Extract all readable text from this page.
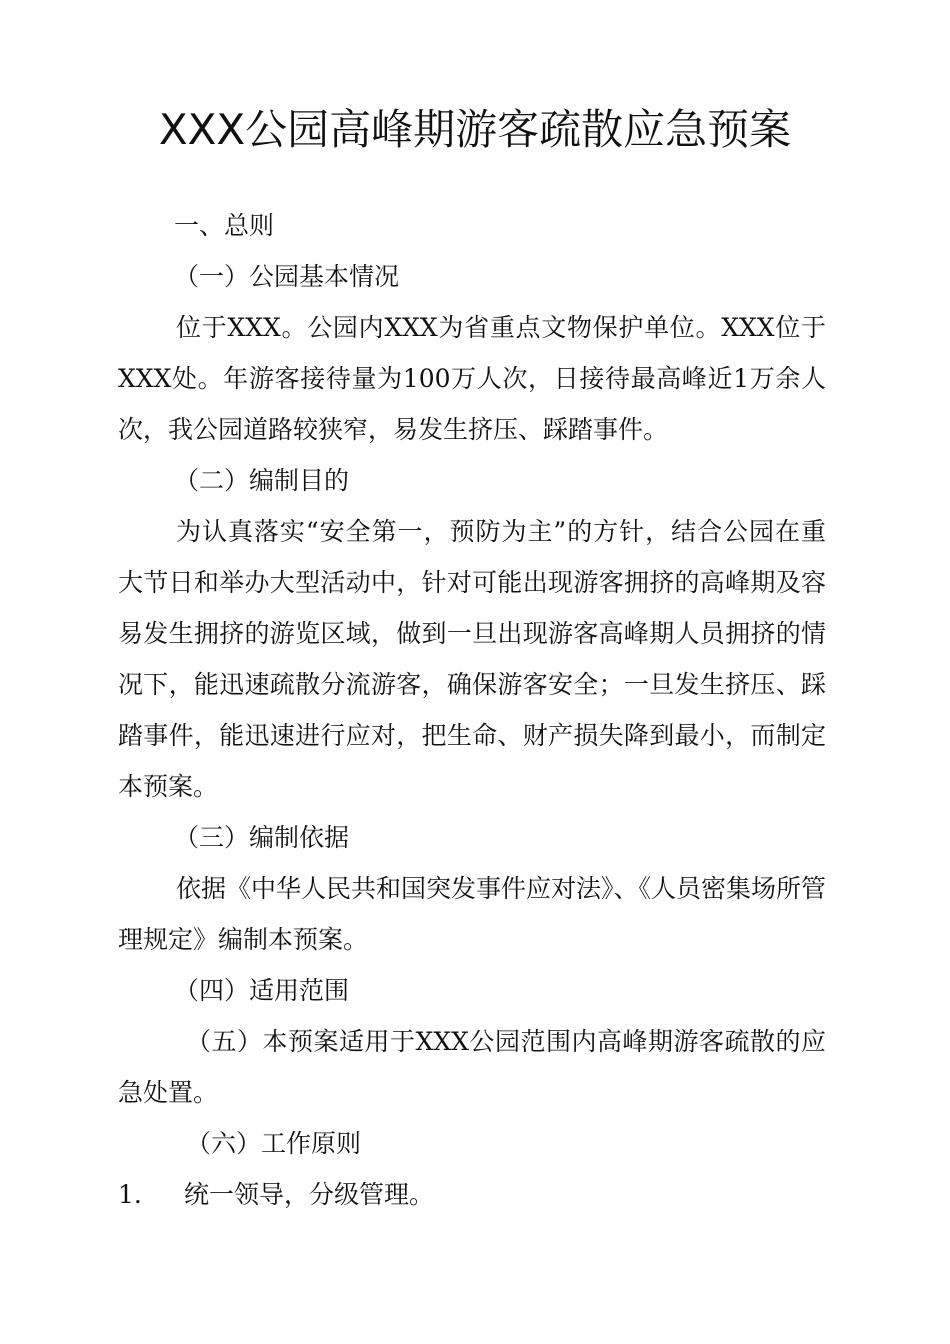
XXX公园高峰期游客疏散应急预案

一、总则

（一）公园基本情况

位于XXX。公园内XXX为省重点文物保护单位。XXX位于XXX处。年游客接待量为100万人次，日接待最高峰近1万余人次，我公园道路较狭窄，易发生挤压、踩踏事件。

（二）编制目的

为认真落实“安全第一，预防为主”的方针，结合公园在重大节日和举办大型活动中，针对可能出现游客拥挤的高峰期及容易发生拥挤的游览区域，做到一旦出现游客高峰期人员拥挤的情况下，能迅速疏散分流游客，确保游客安全；一旦发生挤压、踩踏事件，能迅速进行应对，把生命、财产损失降到最小，而制定本预案。

（三）编制依据

依据《中华人民共和国突发事件应对法》、《人员密集场所管理规定》编制本预案。

（四）适用范围

（五）本预案适用于XXX公园范围内高峰期游客疏散的应急处置。

（六）工作原则

1. 统一领导，分级管理。
